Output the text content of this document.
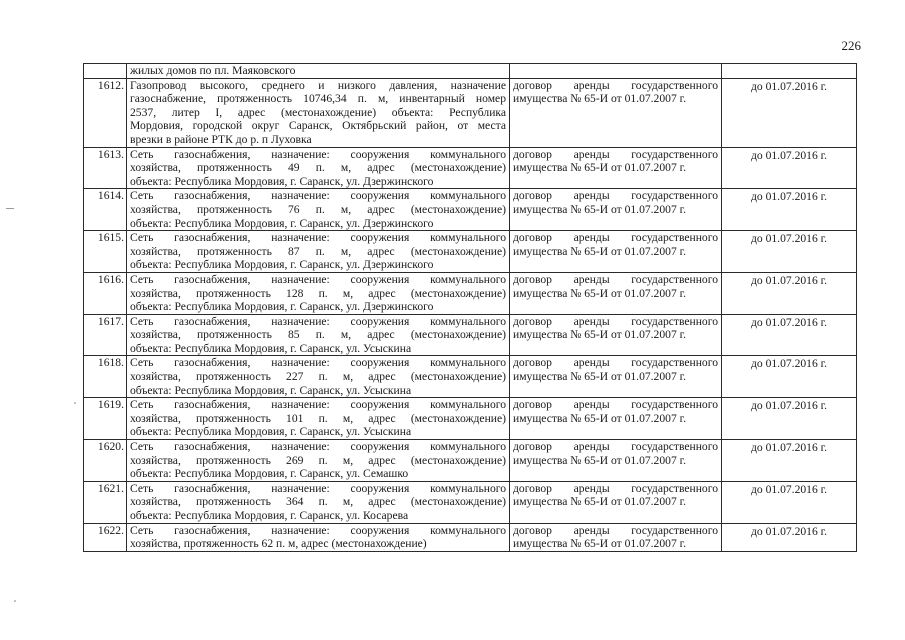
226

	жилых домов по пл. Маяковского		

1612.	Газопровод высокого, среднего и низкого давления, назначение
газоснабжение, протяженность 10746,34 п. м, инвентарный номер
2537, литер I, адрес (местонахождение) объекта: Республика
Мордовия, городской округ Саранск, Октябрьский район, от места
врезки в районе РТК до р. п Луховка	договор аренды государственного
имущества № 65-И от 01.07.2007 г.	до 01.07.2016 г.
1613.	Сеть газоснабжения, назначение: сооружения коммунального
хозяйства, протяженность 49 п. м, адрес (местонахождение)
объекта: Республика Мордовия, г. Саранск, ул. Дзержинского	договор аренды государственного
имущества № 65-И от 01.07.2007 г.	до 01.07.2016 г.
1614.	Сеть газоснабжения, назначение: сооружения коммунального
хозяйства, протяженность 76 п. м, адрес (местонахождение)
объекта: Республика Мордовия, г. Саранск, ул. Дзержинского	договор аренды государственного
имущества № 65-И от 01.07.2007 г.	до 01.07.2016 г.
1615.	Сеть газоснабжения, назначение: сооружения коммунального
хозяйства, протяженность 87 п. м, адрес (местонахождение)
объекта: Республика Мордовия, г. Саранск, ул. Дзержинского	договор аренды государственного
имущества № 65-И от 01.07.2007 г.	до 01.07.2016 г.
1616.	Сеть газоснабжения, назначение: сооружения коммунального
хозяйства, протяженность 128 п. м, адрес (местонахождение)
объекта: Республика Мордовия, г. Саранск, ул. Дзержинского	договор аренды государственного
имущества № 65-И от 01.07.2007 г.	до 01.07.2016 г.
1617.	Сеть газоснабжения, назначение: сооружения коммунального
хозяйства, протяженность 85 п. м, адрес (местонахождение)
объекта: Республика Мордовия, г. Саранск, ул. Усыскина	договор аренды государственного
имущества № 65-И от 01.07.2007 г.	до 01.07.2016 г.
1618.	Сеть газоснабжения, назначение: сооружения коммунального
хозяйства, протяженность 227 п. м, адрес (местонахождение)
объекта: Республика Мордовия, г. Саранск, ул. Усыскина	договор аренды государственного
имущества № 65-И от 01.07.2007 г.	до 01.07.2016 г.
1619.	Сеть газоснабжения, назначение: сооружения коммунального
хозяйства, протяженность 101 п. м, адрес (местонахождение)
объекта: Республика Мордовия, г. Саранск, ул. Усыскина	договор аренды государственного
имущества № 65-И от 01.07.2007 г.	до 01.07.2016 г.
1620.	Сеть газоснабжения, назначение: сооружения коммунального
хозяйства, протяженность 269 п. м, адрес (местонахождение)
объекта: Республика Мордовия, г. Саранск, ул. Семашко	договор аренды государственного
имущества № 65-И от 01.07.2007 г.	до 01.07.2016 г.
1621.	Сеть газоснабжения, назначение: сооружения коммунального
хозяйства, протяженность 364 п. м, адрес (местонахождение)
объекта: Республика Мордовия, г. Саранск, ул. Косарева	договор аренды государственного
имущества № 65-И от 01.07.2007 г.	до 01.07.2016 г.
1622.	Сеть газоснабжения, назначение: сооружения коммунального
хозяйства, протяженность 62 п. м, адрес (местонахождение)	договор аренды государственного
имущества № 65-И от 01.07.2007 г.	до 01.07.2016 г.
